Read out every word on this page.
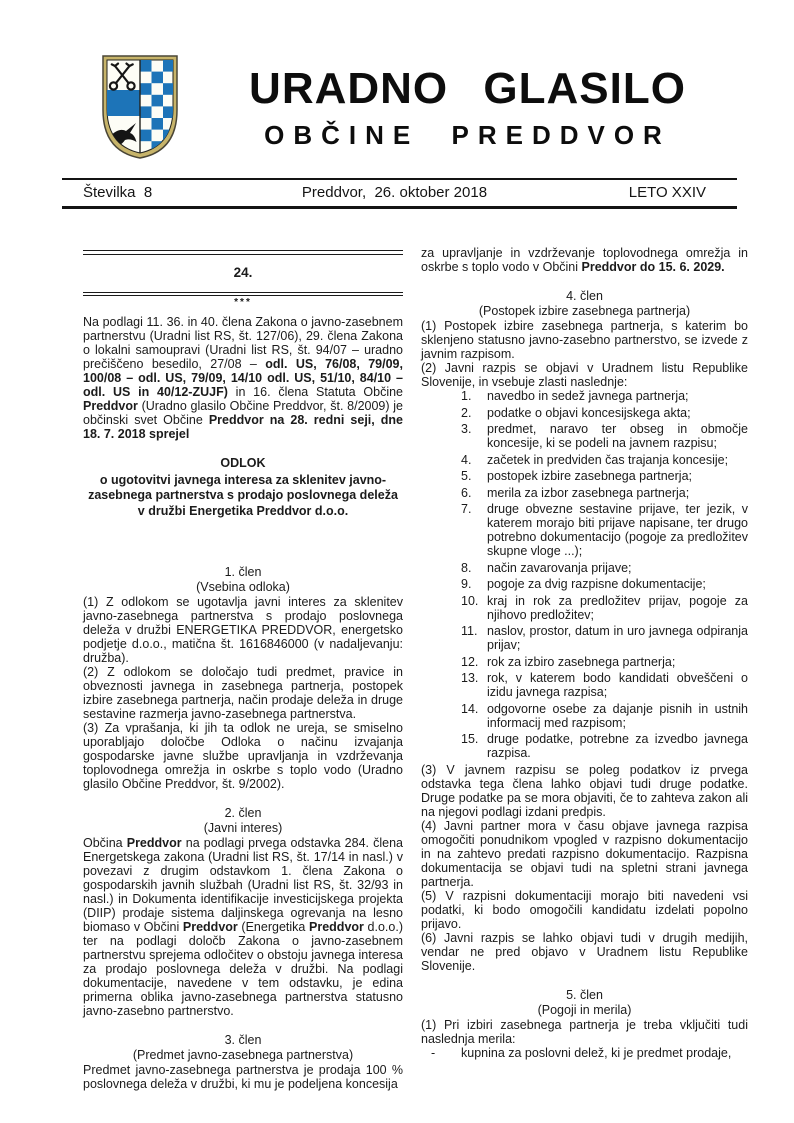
URADNO GLASILO
OBČINE PREDDVOR
Številka  8	Preddvor,  26. oktober 2018	LETO XXIV
24.
***

Na podlagi 11. 36. in 40. člena Zakona o javno-zasebnem partnerstvu (Uradni list RS, št. 127/06), 29. člena Zakona o lokalni samoupravi (Uradni list RS, št. 94/07 – uradno prečiščeno besedilo, 27/08 – odl. US, 76/08, 79/09, 100/08 – odl. US, 79/09, 14/10 odl. US, 51/10, 84/10 – odl. US in 40/12-ZUJF) in 16. člena Statuta Občine Preddvor (Uradno glasilo Občine Preddvor, št. 8/2009) je občinski svet Občine Preddvor na 28. redni seji, dne 18. 7. 2018 sprejel

ODLOK
o ugotovitvi javnega interesa za sklenitev javno-
zasebnega partnerstva s prodajo poslovnega deleža
v družbi Energetika Preddvor d.o.o.
1. člen
(Vsebina odloka)

(1) Z odlokom se ugotavlja javni interes za sklenitev javno-zasebnega partnerstva s prodajo poslovnega deleža v družbi ENERGETIKA PREDDVOR, energetsko podjetje d.o.o., matična št. 1616846000 (v nadaljevanju: družba).

(2) Z odlokom se določajo tudi predmet, pravice in obveznosti javnega in zasebnega partnerja, postopek izbire zasebnega partnerja, način prodaje deleža in druge sestavine razmerja javno-zasebnega partnerstva.

(3) Za vprašanja, ki jih ta odlok ne ureja, se smiselno uporabljajo določbe Odloka o načinu izvajanja gospodarske javne službe upravljanja in vzdrževanja toplovodnega omrežja in oskrbe s toplo vodo (Uradno glasilo Občine Preddvor, št. 9/2002).

2. člen
(Javni interes)

Občina Preddvor na podlagi prvega odstavka 284. člena Energetskega zakona (Uradni list RS, št. 17/14 in nasl.) v povezavi z drugim odstavkom 1. člena Zakona o gospodarskih javnih službah (Uradni list RS, št. 32/93 in nasl.) in Dokumenta identifikacije investicijskega projekta (DIIP) prodaje sistema daljinskega ogrevanja na lesno biomaso v Občini Preddvor (Energetika Preddvor d.o.o.) ter na podlagi določb Zakona o javno-zasebnem partnerstvu sprejema odločitev o obstoju javnega interesa za prodajo poslovnega deleža v družbi. Na podlagi dokumentacije, navedene v tem odstavku, je edina primerna oblika javno-zasebnega partnerstva statusno javno-zasebno partnerstvo.

3. člen
(Predmet javno-zasebnega partnerstva)

Predmet javno-zasebnega partnerstva je prodaja 100 % poslovnega deleža v družbi, ki mu je podeljena koncesija

za upravljanje in vzdrževanje toplovodnega omrežja in oskrbe s toplo vodo v Občini Preddvor do 15. 6. 2029.

4. člen
(Postopek izbire zasebnega partnerja)

(1) Postopek izbire zasebnega partnerja, s katerim bo sklenjeno statusno javno-zasebno partnerstvo, se izvede z javnim razpisom.

(2) Javni razpis se objavi v Uradnem listu Republike Slovenije, in vsebuje zlasti naslednje:

1.	navedbo in sedež javnega partnerja;
2.	podatke o objavi koncesijskega akta;
3.	predmet, naravo ter obseg in območje koncesije, ki se podeli na javnem razpisu;
4.	začetek in predviden čas trajanja koncesije;
5.	postopek izbire zasebnega partnerja;
6.	merila za izbor zasebnega partnerja;
7.	druge obvezne sestavine prijave, ter jezik, v katerem morajo biti prijave napisane, ter drugo potrebno dokumentacijo (pogoje za predložitev skupne vloge ...);
8.	način zavarovanja prijave;
9.	pogoje za dvig razpisne dokumentacije;
10. kraj in rok za predložitev prijav, pogoje za njihovo predložitev;
11. naslov, prostor, datum in uro javnega odpiranja prijav;
12. rok za izbiro zasebnega partnerja;
13. rok, v katerem bodo kandidati obveščeni o izidu javnega razpisa;
14. odgovorne osebe za dajanje pisnih in ustnih informacij med razpisom;
15. druge podatke, potrebne za izvedbo javnega razpisa.

(3) V javnem razpisu se poleg podatkov iz prvega odstavka tega člena lahko objavi tudi druge podatke. Druge podatke pa se mora objaviti, če to zahteva zakon ali na njegovi podlagi izdani predpis.

(4) Javni partner mora v času objave javnega razpisa omogočiti ponudnikom vpogled v razpisno dokumentacijo in na zahtevo predati razpisno dokumentacijo. Razpisna dokumentacija se objavi tudi na spletni strani javnega partnerja.

(5) V razpisni dokumentaciji morajo biti navedeni vsi podatki, ki bodo omogočili kandidatu izdelati popolno prijavo.

(6) Javni razpis se lahko objavi tudi v drugih medijih, vendar ne pred objavo v Uradnem listu Republike Slovenije.

5. člen
(Pogoji in merila)

(1) Pri izbiri zasebnega partnerja je treba vključiti tudi naslednja merila:

-	kupnina za poslovni delež, ki je predmet prodaje,
